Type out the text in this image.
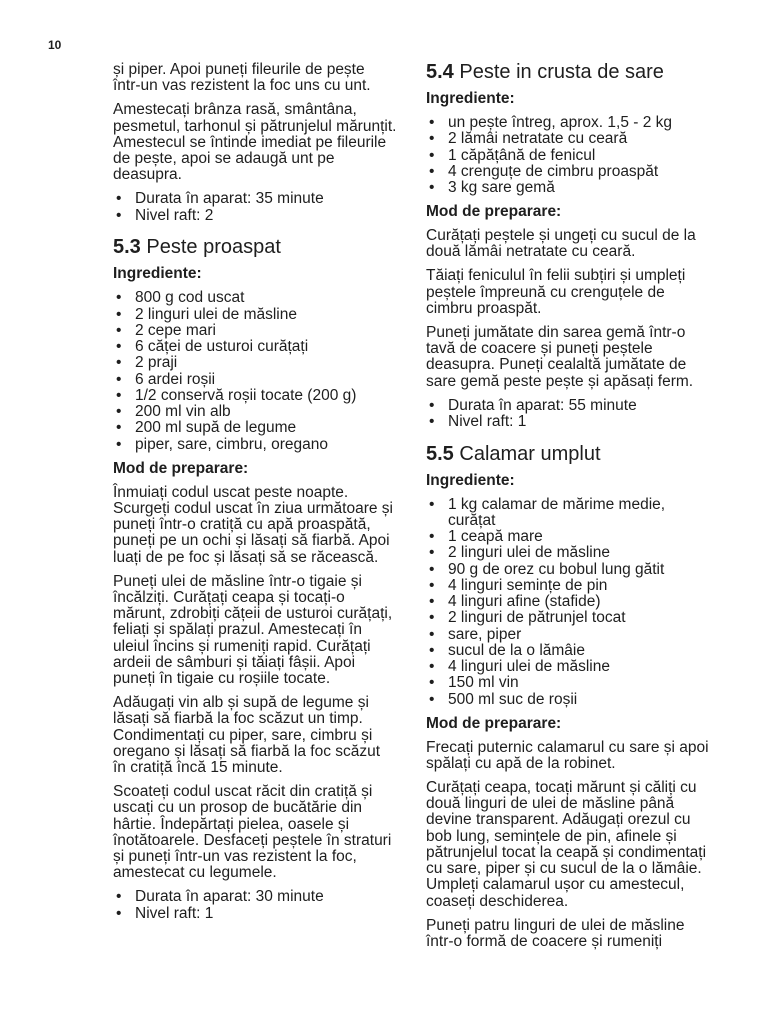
10
și piper. Apoi puneți fileurile de pește
într-un vas rezistent la foc uns cu unt.
Amestecați brânza rasă, smântâna,
pesmetul, tarhonul și pătrunjelul mărunțit.
Amestecul se întinde imediat pe fileurile
de pește, apoi se adaugă unt pe
deasupra.
• Durata în aparat: 35 minute
• Nivel raft: 2
5.3 Peste proaspat
Ingrediente:
• 800 g cod uscat
• 2 linguri ulei de măsline
• 2 cepe mari
• 6 căței de usturoi curățați
• 2 praji
• 6 ardei roșii
• 1/2 conservă roșii tocate (200 g)
• 200 ml vin alb
• 200 ml supă de legume
• piper, sare, cimbru, oregano
Mod de preparare:
Înmuiați codul uscat peste noapte.
Scurgeți codul uscat în ziua următoare și
puneți într-o cratiță cu apă proaspătă,
puneți pe un ochi și lăsați să fiarbă. Apoi
luați de pe foc și lăsați să se răcească.
Puneți ulei de măsline într-o tigaie și
încălziți. Curățați ceapa și tocați-o
mărunt, zdrobiți cățeii de usturoi curățați,
feliați și spălați prazul. Amestecați în
uleiul încins și rumeniți rapid. Curățați
ardeii de sâmburi și tăiați fâșii. Apoi
puneți în tigaie cu roșiile tocate.
Adăugați vin alb și supă de legume și
lăsați să fiarbă la foc scăzut un timp.
Condimentați cu piper, sare, cimbru și
oregano și lăsați să fiarbă la foc scăzut
în cratiță încă 15 minute.
Scoateți codul uscat răcit din cratiță și
uscați cu un prosop de bucătărie din
hârtie. Îndepărtați pielea, oasele și
înotătoarele. Desfaceți peștele în straturi
și puneți într-un vas rezistent la foc,
amestecat cu legumele.
• Durata în aparat: 30 minute
• Nivel raft: 1
5.4 Peste in crusta de sare
Ingrediente:
• un pește întreg, aprox. 1,5 - 2 kg
• 2 lămâi netratate cu ceară
• 1 căpățână de fenicul
• 4 crenguțe de cimbru proaspăt
• 3 kg sare gemă
Mod de preparare:
Curățați peștele și ungeți cu sucul de la
două lămâi netratate cu ceară.
Tăiați feniculul în felii subțiri și umpleți
peștele împreună cu crenguțele de
cimbru proaspăt.
Puneți jumătate din sarea gemă într-o
tavă de coacere și puneți peștele
deasupra. Puneți cealaltă jumătate de
sare gemă peste pește și apăsați ferm.
• Durata în aparat: 55 minute
• Nivel raft: 1
5.5 Calamar umplut
Ingrediente:
• 1 kg calamar de mărime medie, curățat
• 1 ceapă mare
• 2 linguri ulei de măsline
• 90 g de orez cu bobul lung gătit
• 4 linguri semințe de pin
• 4 linguri afine (stafide)
• 2 linguri de pătrunjel tocat
• sare, piper
• sucul de la o lămâie
• 4 linguri ulei de măsline
• 150 ml vin
• 500 ml suc de roșii
Mod de preparare:
Frecați puternic calamarul cu sare și apoi
spălați cu apă de la robinet.
Curățați ceapa, tocați mărunt și căliți cu
două linguri de ulei de măsline până
devine transparent. Adăugați orezul cu
bob lung, semințele de pin, afinele și
pătrunjelul tocat la ceapă și condimentați
cu sare, piper și cu sucul de la o lămâie.
Umpleți calamarul ușor cu amestecul,
coaseți deschiderea.
Puneți patru linguri de ulei de măsline
într-o formă de coacere și rumeniți
